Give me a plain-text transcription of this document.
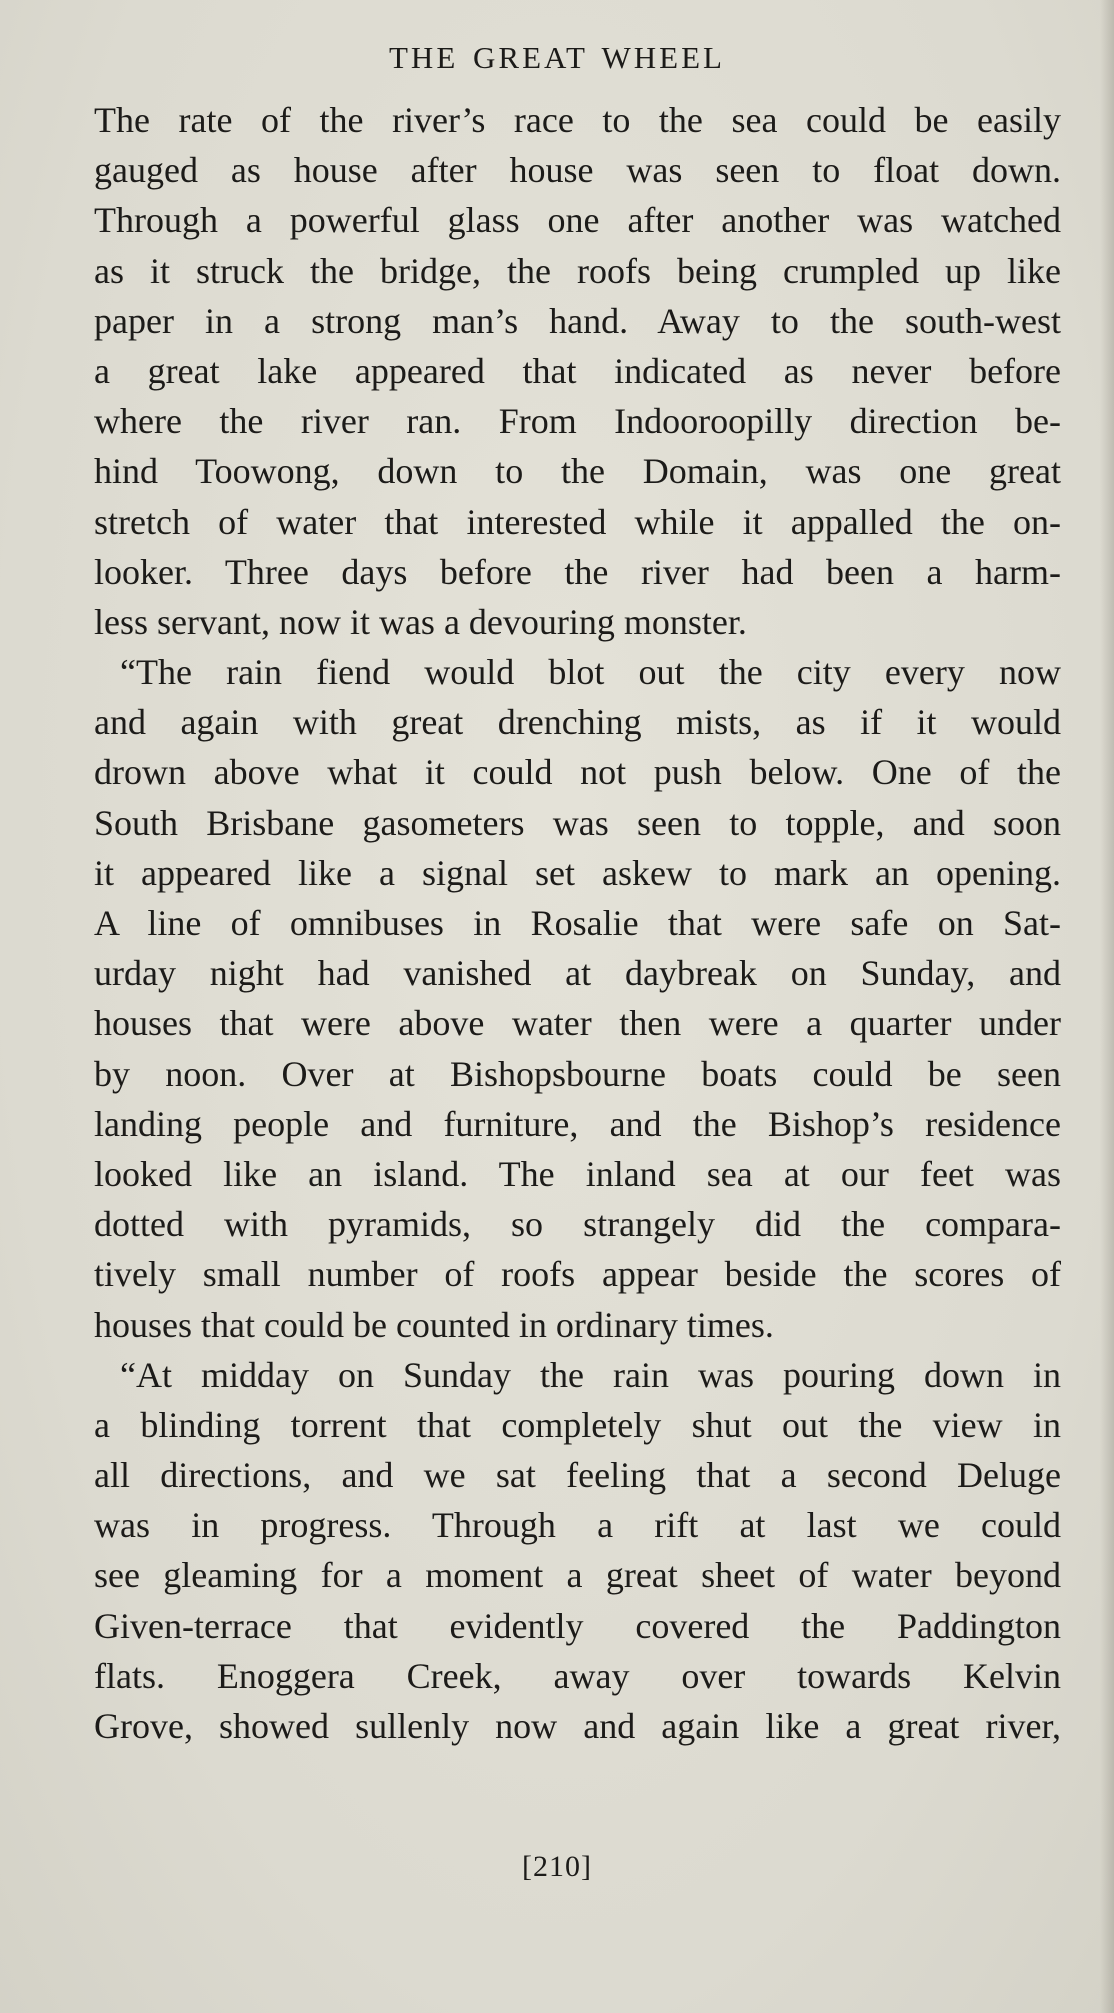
THE GREAT WHEEL
The rate of the river’s race to the sea could be easily
gauged as house after house was seen to float down.
Through a powerful glass one after another was watched
as it struck the bridge, the roofs being crumpled up like
paper in a strong man’s hand. Away to the south-west
a great lake appeared that indicated as never before
where the river ran. From Indooroopilly direction be-
hind Toowong, down to the Domain, was one great
stretch of water that interested while it appalled the on-
looker. Three days before the river had been a harm-
less servant, now it was a devouring monster.
“The rain fiend would blot out the city every now
and again with great drenching mists, as if it would
drown above what it could not push below. One of the
South Brisbane gasometers was seen to topple, and soon
it appeared like a signal set askew to mark an opening.
A line of omnibuses in Rosalie that were safe on Sat-
urday night had vanished at daybreak on Sunday, and
houses that were above water then were a quarter under
by noon. Over at Bishopsbourne boats could be seen
landing people and furniture, and the Bishop’s residence
looked like an island. The inland sea at our feet was
dotted with pyramids, so strangely did the compara-
tively small number of roofs appear beside the scores of
houses that could be counted in ordinary times.
“At midday on Sunday the rain was pouring down in
a blinding torrent that completely shut out the view in
all directions, and we sat feeling that a second Deluge
was in progress. Through a rift at last we could
see gleaming for a moment a great sheet of water beyond
Given-terrace that evidently covered the Paddington
flats. Enoggera Creek, away over towards Kelvin
Grove, showed sullenly now and again like a great river,
[210]
